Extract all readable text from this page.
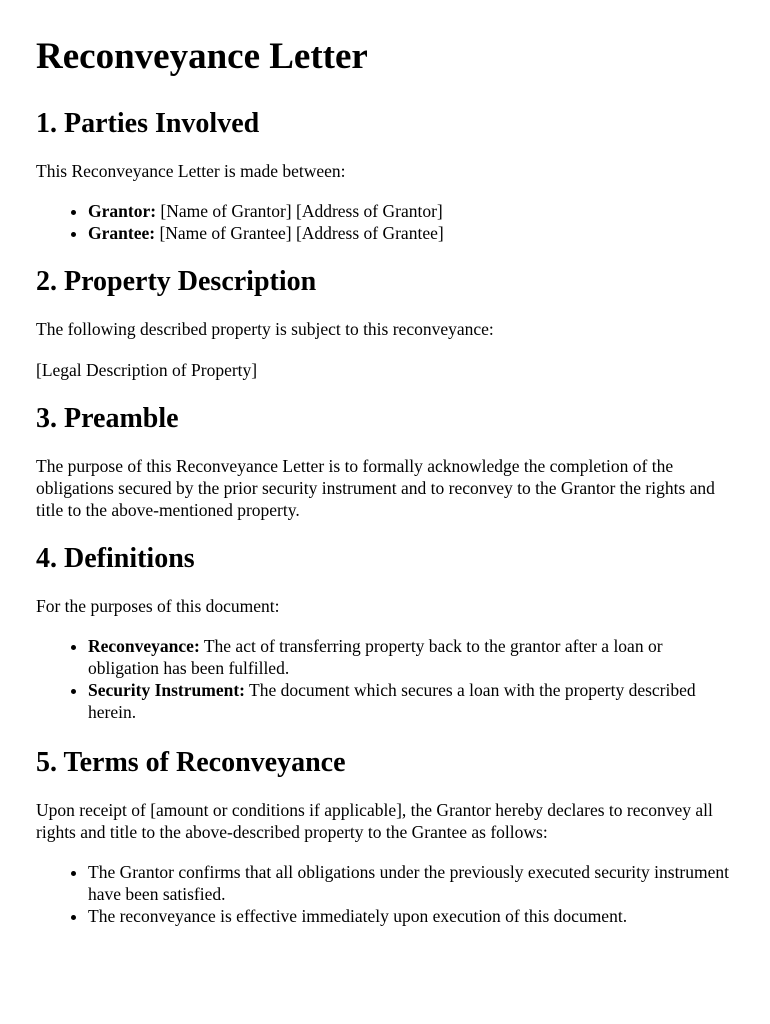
Reconveyance Letter
1. Parties Involved

This Reconveyance Letter is made between:

• Grantor: [Name of Grantor] [Address of Grantor]
• Grantee: [Name of Grantee] [Address of Grantee]
2. Property Description

The following described property is subject to this reconveyance:

[Legal Description of Property]

3. Preamble

The purpose of this Reconveyance Letter is to formally acknowledge the completion of the obligations secured by the prior security instrument and to reconvey to the Grantor the rights and title to the above-mentioned property.

4. Definitions

For the purposes of this document:

• Reconveyance: The act of transferring property back to the grantor after a loan or obligation has been fulfilled.
• Security Instrument: The document which secures a loan with the property described herein.
5. Terms of Reconveyance

Upon receipt of [amount or conditions if applicable], the Grantor hereby declares to reconvey all rights and title to the above-described property to the Grantee as follows:

• The Grantor confirms that all obligations under the previously executed security instrument have been satisfied.
• The reconveyance is effective immediately upon execution of this document.
